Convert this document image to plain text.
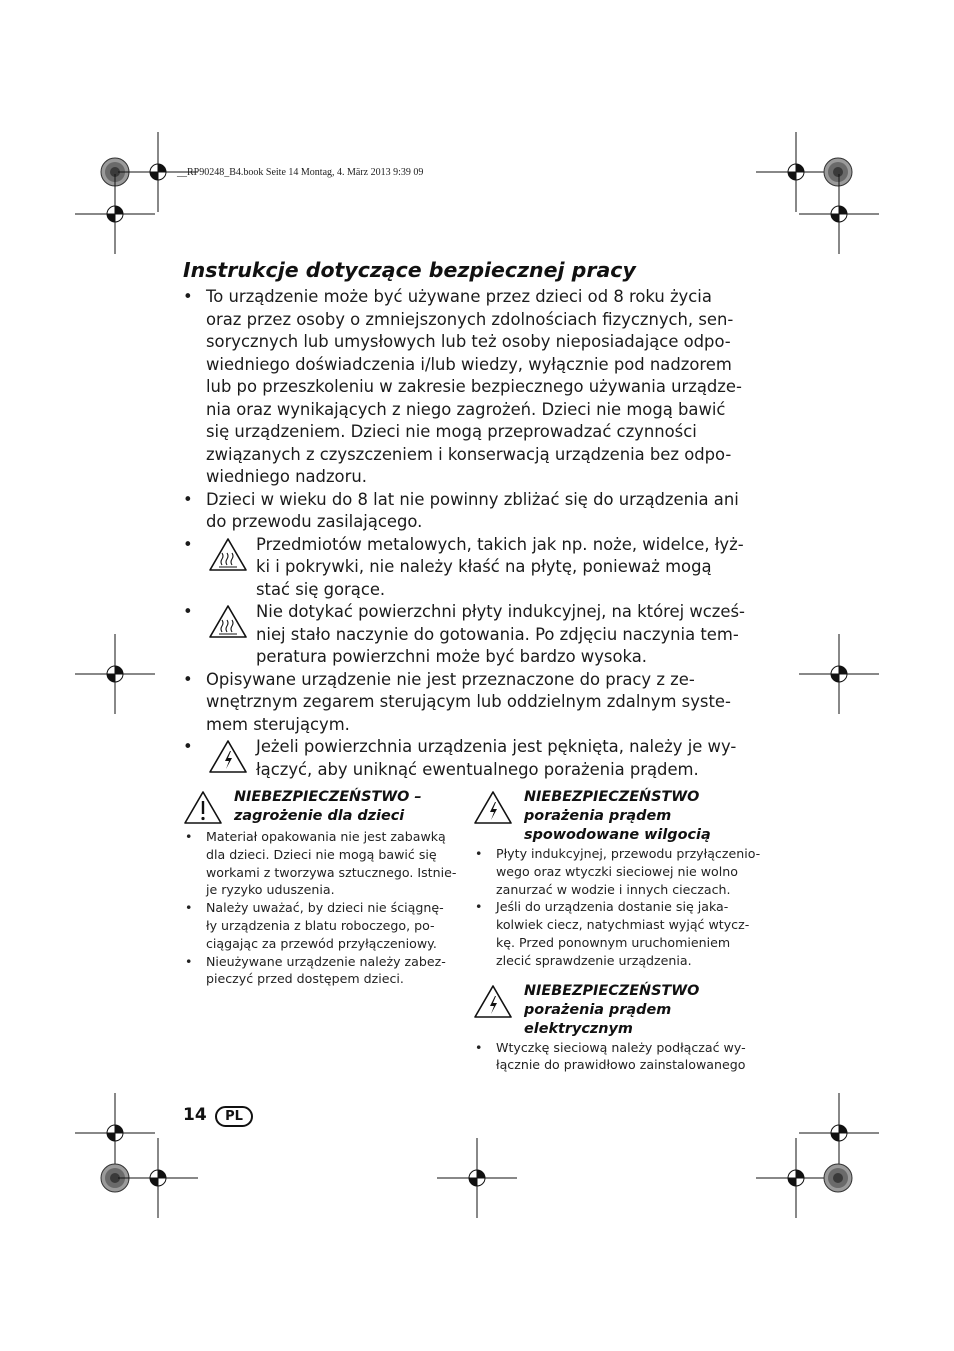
__RP90248_B4.book Seite 14 Montag, 4. März 2013 9:39 09
Instrukcje dotyczące bezpiecznej pracy
• To urządzenie może być używane przez dzieci od 8 roku życia
oraz przez osoby o zmniejszonych zdolnościach fizycznych, sen-
sorycznych lub umysłowych lub też osoby nieposiadające odpo-
wiedniego doświadczenia i/lub wiedzy, wyłącznie pod nadzorem
lub po przeszkoleniu w zakresie bezpiecznego używania urządze-
nia oraz wynikających z niego zagrożeń. Dzieci nie mogą bawić
się urządzeniem. Dzieci nie mogą przeprowadzać czynności
związanych z czyszczeniem i konserwacją urządzenia bez odpo-
wiedniego nadzoru.
• Dzieci w wieku do 8 lat nie powinny zbliżać się do urządzenia ani
do przewodu zasilającego.
•	Przedmiotów metalowych, takich jak np. noże, widelce, łyż-
ki i pokrywki, nie należy kłaść na płytę, ponieważ mogą
stać się gorące.
•	Nie dotykać powierzchni płyty indukcyjnej, na której wcześ-
niej stało naczynie do gotowania. Po zdjęciu naczynia tem-
peratura powierzchni może być bardzo wysoka.
• Opisywane urządzenie nie jest przeznaczone do pracy z ze-
wnętrznym zegarem sterującym lub oddzielnym zdalnym syste-
mem sterującym.
•	Jeżeli powierzchnia urządzenia jest pęknięta, należy je wy-
łączyć, aby uniknąć ewentualnego porażenia prądem.
NIEBEZPIECZEŃSTWO –
zagrożenie dla dzieci
• Materiał opakowania nie jest zabawką
dla dzieci. Dzieci nie mogą bawić się
workami z tworzywa sztucznego. Istnie-
je ryzyko uduszenia.
• Należy uważać, by dzieci nie ściągnę-
ły urządzenia z blatu roboczego, po-
ciągając za przewód przyłączeniowy.
• Nieużywane urządzenie należy zabez-
pieczyć przed dostępem dzieci.
NIEBEZPIECZEŃSTWO
porażenia prądem
spowodowane wilgocią
• Płyty indukcyjnej, przewodu przyłączenio-
wego oraz wtyczki sieciowej nie wolno
zanurzać w wodzie i innych cieczach.
• Jeśli do urządzenia dostanie się jaka-
kolwiek ciecz, natychmiast wyjąć wtycz-
kę. Przed ponownym uruchomieniem
zlecić sprawdzenie urządzenia.
NIEBEZPIECZEŃSTWO
porażenia prądem
elektrycznym
• Wtyczkę sieciową należy podłączać wy-
łącznie do prawidłowo zainstalowanego
14	PL
